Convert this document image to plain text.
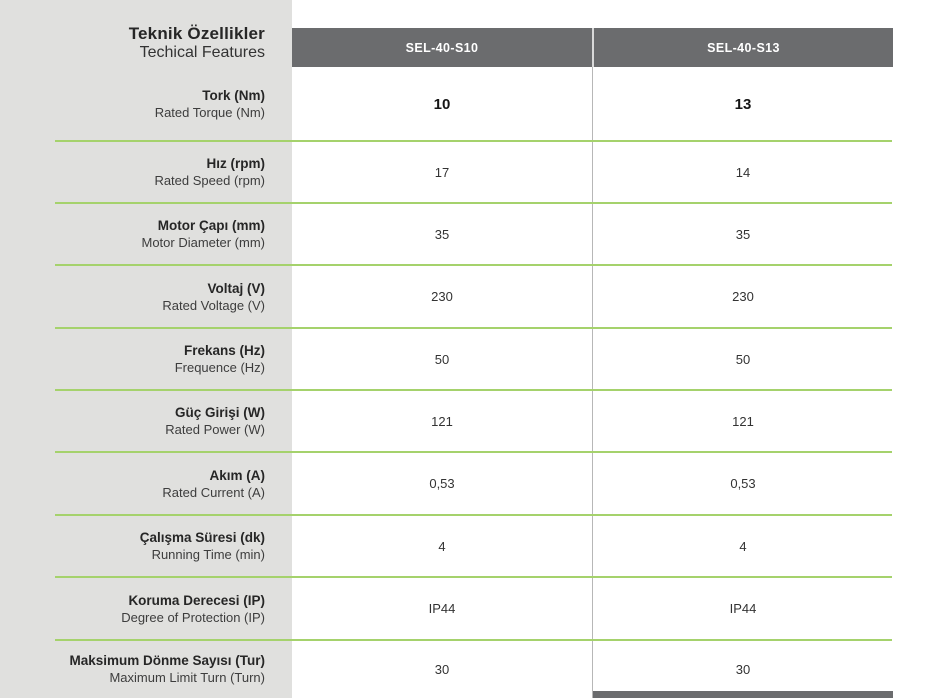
Teknik Özellikler
Techical Features	SEL-40-S10	SEL-40-S13
Tork (Nm)
Rated Torque (Nm)	10	13
Hız (rpm)
Rated Speed (rpm)
17	14
Motor Çapı (mm)
Motor Diameter (mm)
35	35
Voltaj (V)
Rated Voltage (V)
230	230
Frekans (Hz)
Frequence (Hz)
50	50
Güç Girişi (W)
Rated Power (W)
121	121
Akım (A)
Rated Current (A)
0,53	0,53
Çalışma Süresi (dk)
Running Time (min)
4	4
Koruma Derecesi (IP)
Degree of Protection (IP)
IP44	IP44
Maksimum Dönme Sayısı (Tur)
Maximum Limit Turn (Turn)
30	30
